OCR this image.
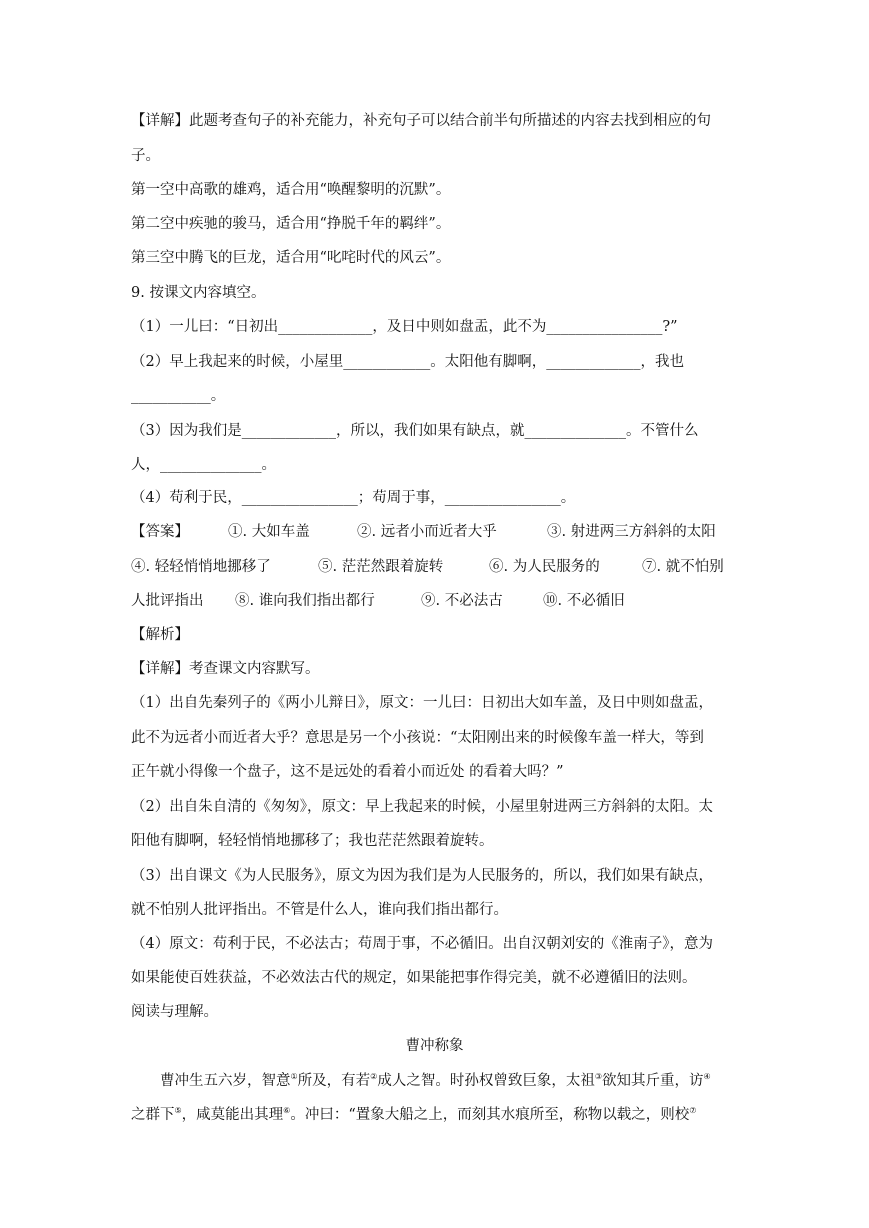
【详解】此题考查句子的补充能力，补充句子可以结合前半句所描述的内容去找到相应的句
子。
第一空中高歌的雄鸡，适合用“唤醒黎明的沉默”。
第二空中疾驰的骏马，适合用“挣脱千年的羁绊”。
第三空中腾飞的巨龙，适合用“叱咤时代的风云”。
9. 按课文内容填空。
（1）一儿曰：“日初出_____________，及日中则如盘盂，此不为________________?”
（2）早上我起来的时候，小屋里____________。太阳他有脚啊，_____________，我也
___________。
（3）因为我们是_____________，所以，我们如果有缺点，就______________。不管什么
人，______________。
（4）苟利于民，________________；苟周于事，________________。
【答案】	①. 大如车盖	②. 远者小而近者大乎	③. 射进两三方斜斜的太阳
④. 轻轻悄悄地挪移了	⑤. 茫茫然跟着旋转	⑥. 为人民服务的	⑦. 就不怕别
人批评指出 ⑧. 谁向我们指出都行	⑨. 不必法古	⑩. 不必循旧
【解析】
【详解】考查课文内容默写。
（1）出自先秦列子的《两小儿辩日》，原文：一儿曰：日初出大如车盖，及日中则如盘盂，
此不为远者小而近者大乎？意思是另一个小孩说：“太阳刚出来的时候像车盖一样大，等到
正午就小得像一个盘子，这不是远处的看着小而近处 的看着大吗？”
（2）出自朱自清的《匆匆》，原文：早上我起来的时候，小屋里射进两三方斜斜的太阳。太
阳他有脚啊，轻轻悄悄地挪移了；我也茫茫然跟着旋转。
（3）出自课文《为人民服务》，原文为因为我们是为人民服务的，所以，我们如果有缺点，
就不怕别人批评指出。不管是什么人，谁向我们指出都行。
（4）原文：苟利于民，不必法古；苟周于事，不必循旧。出自汉朝刘安的《淮南子》，意为
如果能使百姓获益，不必效法古代的规定，如果能把事作得完美，就不必遵循旧的法则。
阅读与理解。
曹冲称象
曹冲生五六岁，智意①所及，有若②成人之智。时孙权曾致巨象，太祖③欲知其斤重，访④
之群下⑤，咸莫能出其理⑥。冲曰：“置象大船之上，而刻其水痕所至，称物以载之，则校⑦
